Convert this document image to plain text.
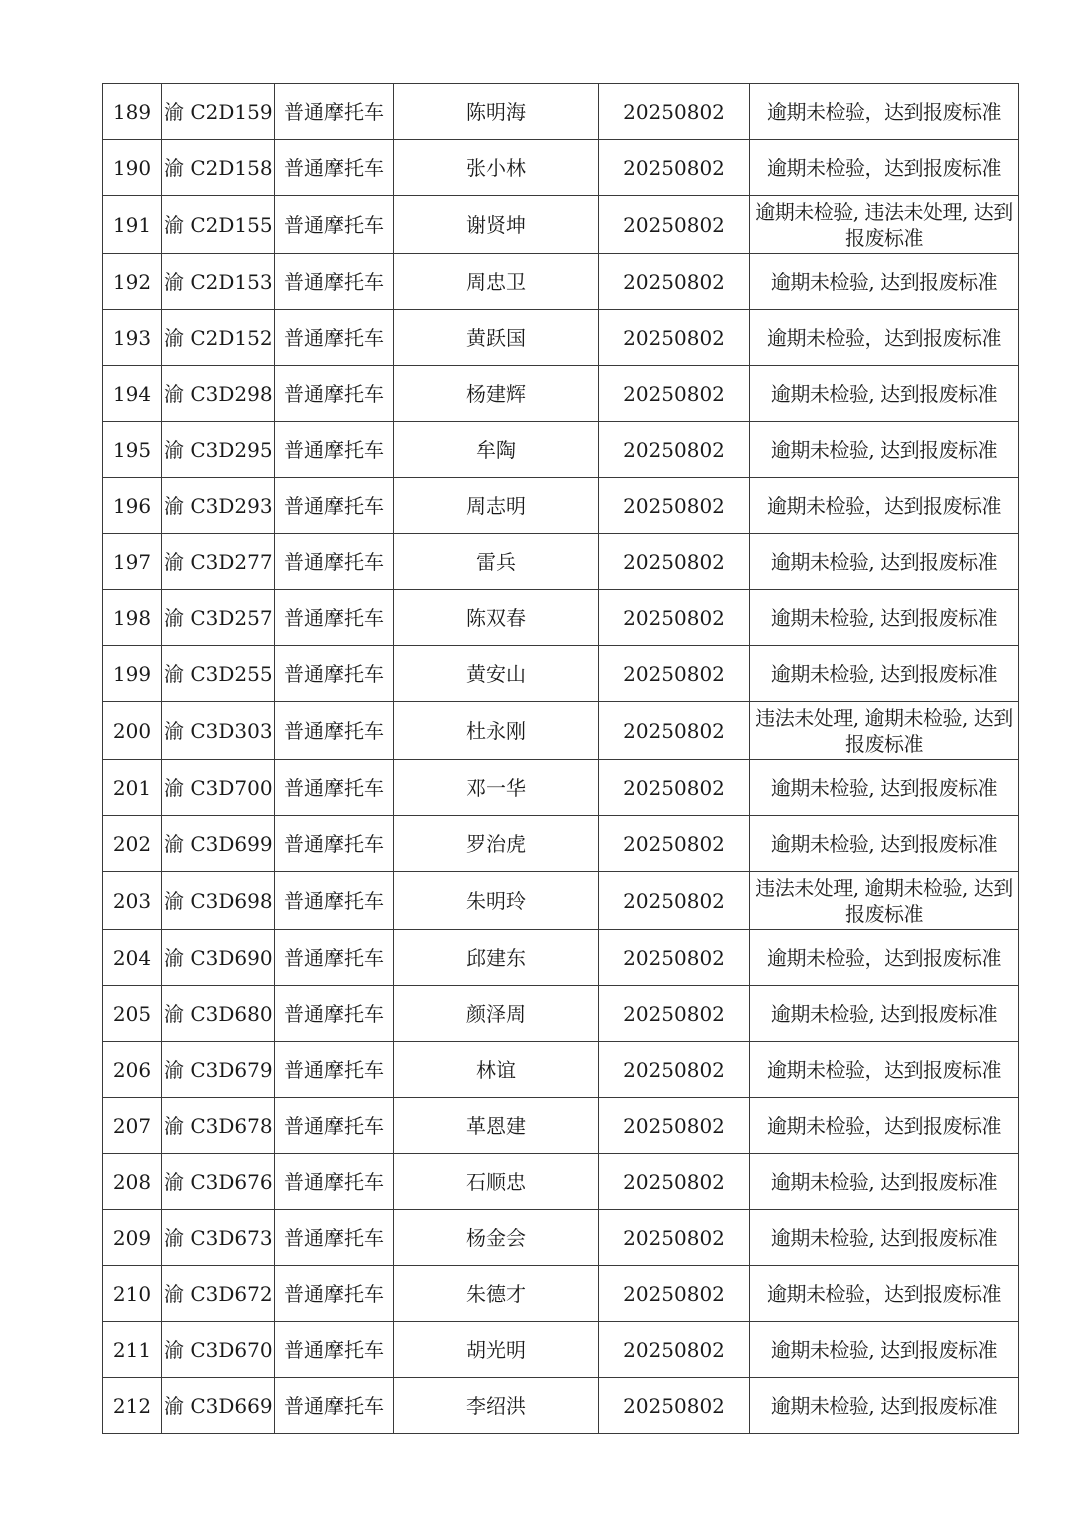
189	渝 C2D159	普通摩托车	陈明海	20250802	逾期未检验，达到报废标准
190	渝 C2D158	普通摩托车	张小林	20250802	逾期未检验，达到报废标准
191	渝 C2D155	普通摩托车	谢贤坤	20250802	逾期未检验, 违法未处理, 达到报废标准
192	渝 C2D153	普通摩托车	周忠卫	20250802	逾期未检验, 达到报废标准
193	渝 C2D152	普通摩托车	黄跃国	20250802	逾期未检验，达到报废标准
194	渝 C3D298	普通摩托车	杨建辉	20250802	逾期未检验, 达到报废标准
195	渝 C3D295	普通摩托车	牟陶	20250802	逾期未检验, 达到报废标准
196	渝 C3D293	普通摩托车	周志明	20250802	逾期未检验，达到报废标准
197	渝 C3D277	普通摩托车	雷兵	20250802	逾期未检验, 达到报废标准
198	渝 C3D257	普通摩托车	陈双春	20250802	逾期未检验, 达到报废标准
199	渝 C3D255	普通摩托车	黄安山	20250802	逾期未检验, 达到报废标准
200	渝 C3D303	普通摩托车	杜永刚	20250802	违法未处理, 逾期未检验, 达到报废标准
201	渝 C3D700	普通摩托车	邓一华	20250802	逾期未检验, 达到报废标准
202	渝 C3D699	普通摩托车	罗治虎	20250802	逾期未检验, 达到报废标准
203	渝 C3D698	普通摩托车	朱明玲	20250802	违法未处理, 逾期未检验, 达到报废标准
204	渝 C3D690	普通摩托车	邱建东	20250802	逾期未检验，达到报废标准
205	渝 C3D680	普通摩托车	颜泽周	20250802	逾期未检验, 达到报废标准
206	渝 C3D679	普通摩托车	林谊	20250802	逾期未检验，达到报废标准
207	渝 C3D678	普通摩托车	革恩建	20250802	逾期未检验，达到报废标准
208	渝 C3D676	普通摩托车	石顺忠	20250802	逾期未检验, 达到报废标准
209	渝 C3D673	普通摩托车	杨金会	20250802	逾期未检验, 达到报废标准
210	渝 C3D672	普通摩托车	朱德才	20250802	逾期未检验，达到报废标准
211	渝 C3D670	普通摩托车	胡光明	20250802	逾期未检验, 达到报废标准
212	渝 C3D669	普通摩托车	李绍洪	20250802	逾期未检验, 达到报废标准
